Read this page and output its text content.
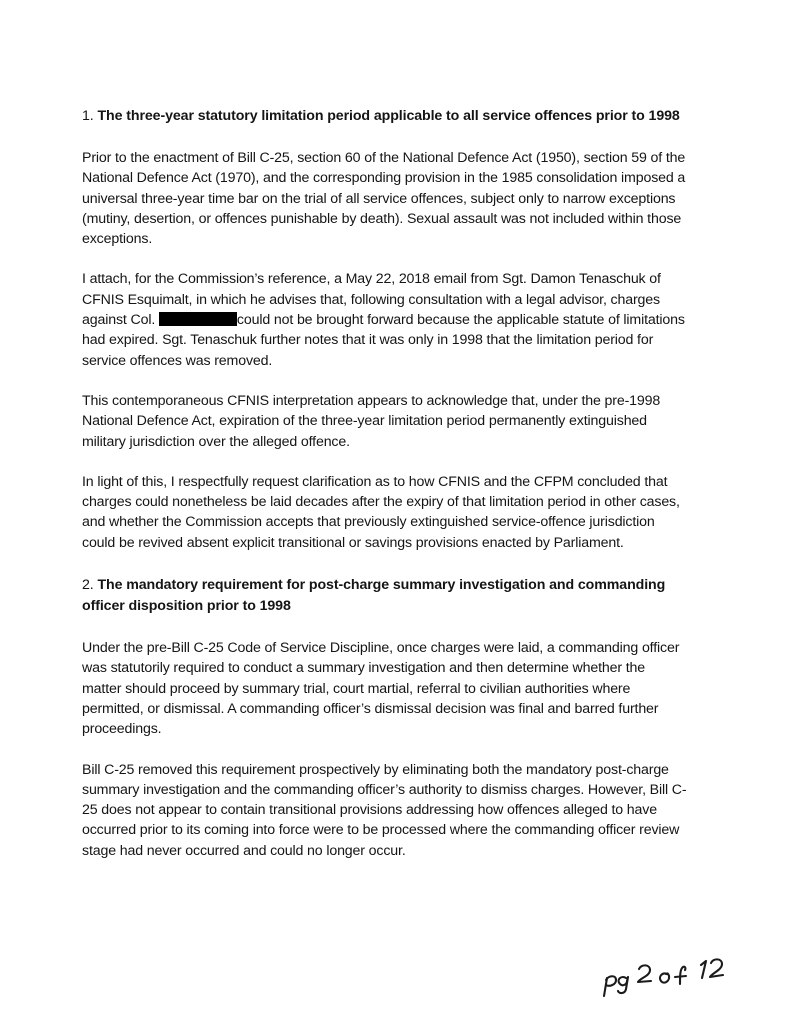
1. The three-year statutory limitation period applicable to all service offences prior to 1998

Prior to the enactment of Bill C-25, section 60 of the National Defence Act (1950), section 59 of the National Defence Act (1970), and the corresponding provision in the 1985 consolidation imposed a universal three-year time bar on the trial of all service offences, subject only to narrow exceptions (mutiny, desertion, or offences punishable by death). Sexual assault was not included within those exceptions.

I attach, for the Commission’s reference, a May 22, 2018 email from Sgt. Damon Tenaschuk of CFNIS Esquimalt, in which he advises that, following consultation with a legal advisor, charges against Col.	could not be brought forward because the applicable statute of limitations had expired. Sgt. Tenaschuk further notes that it was only in 1998 that the limitation period for service offences was removed.

This contemporaneous CFNIS interpretation appears to acknowledge that, under the pre-1998 National Defence Act, expiration of the three-year limitation period permanently extinguished military jurisdiction over the alleged offence.

In light of this, I respectfully request clarification as to how CFNIS and the CFPM concluded that charges could nonetheless be laid decades after the expiry of that limitation period in other cases, and whether the Commission accepts that previously extinguished service-offence jurisdiction could be revived absent explicit transitional or savings provisions enacted by Parliament.

2. The mandatory requirement for post-charge summary investigation and commanding officer disposition prior to 1998

Under the pre-Bill C-25 Code of Service Discipline, once charges were laid, a commanding officer was statutorily required to conduct a summary investigation and then determine whether the matter should proceed by summary trial, court martial, referral to civilian authorities where permitted, or dismissal. A commanding officer’s dismissal decision was final and barred further proceedings.

Bill C-25 removed this requirement prospectively by eliminating both the mandatory post-charge summary investigation and the commanding officer’s authority to dismiss charges. However, Bill C-25 does not appear to contain transitional provisions addressing how offences alleged to have occurred prior to its coming into force were to be processed where the commanding officer review stage had never occurred and could no longer occur.
